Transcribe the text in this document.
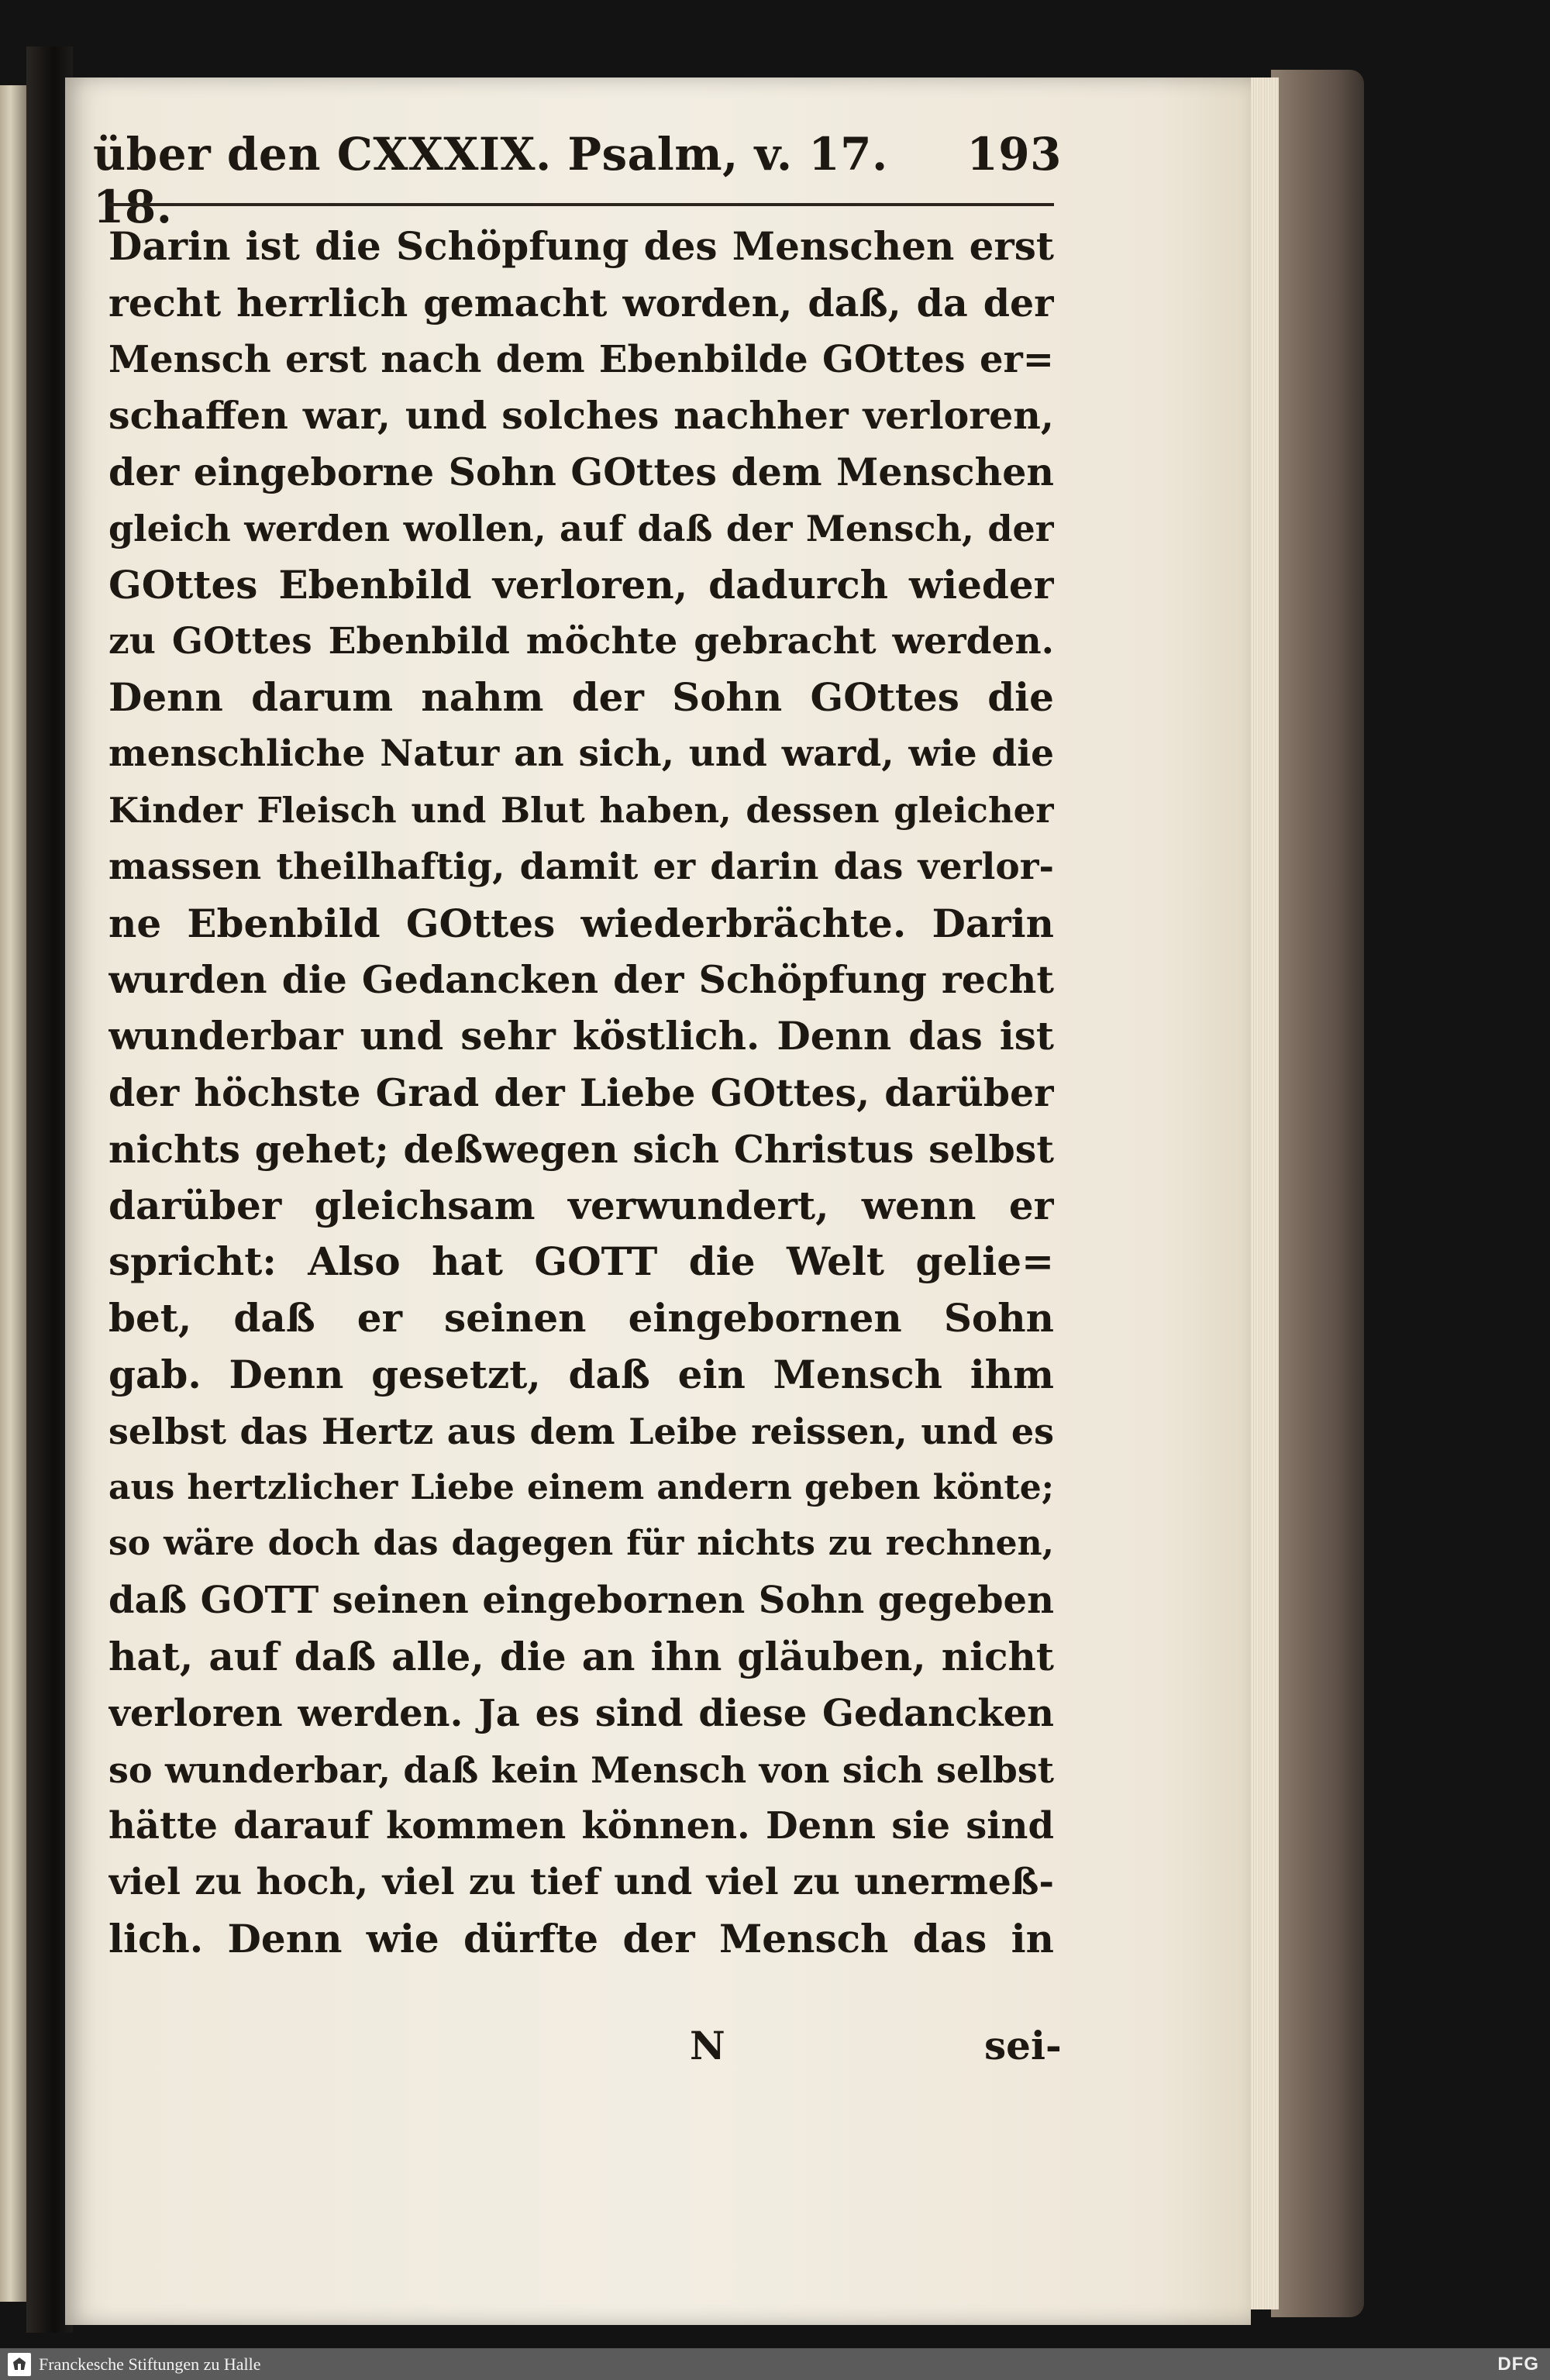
über den CXXXIX. Psalm, v. 17. 18.
193
Darin ist die Schöpfung des Menschen erst
recht herrlich gemacht worden, daß, da der
Mensch erst nach dem Ebenbilde GOttes er=
schaffen war, und solches nachher verloren,
der eingeborne Sohn GOttes dem Menschen
gleich werden wollen, auf daß der Mensch, der
GOttes Ebenbild verloren, dadurch wieder
zu GOttes Ebenbild möchte gebracht werden.
Denn darum nahm der Sohn GOttes die
menschliche Natur an sich, und ward, wie die
Kinder Fleisch und Blut haben, dessen gleicher
massen theilhaftig, damit er darin das verlor-
ne Ebenbild GOttes wiederbrächte. Darin
wurden die Gedancken der Schöpfung recht
wunderbar und sehr köstlich. Denn das ist
der höchste Grad der Liebe GOttes, darüber
nichts gehet; deßwegen sich Christus selbst
darüber gleichsam verwundert, wenn er
spricht: Also hat GOTT die Welt gelie=
bet, daß er seinen eingebornen Sohn
gab. Denn gesetzt, daß ein Mensch ihm
selbst das Hertz aus dem Leibe reissen, und es
aus hertzlicher Liebe einem andern geben könte;
so wäre doch das dagegen für nichts zu rechnen,
daß GOTT seinen eingebornen Sohn gegeben
hat, auf daß alle, die an ihn gläuben, nicht
verloren werden. Ja es sind diese Gedancken
so wunderbar, daß kein Mensch von sich selbst
hätte darauf kommen können. Denn sie sind
viel zu hoch, viel zu tief und viel zu unermeß-
lich. Denn wie dürfte der Mensch das in
N	sei-
Franckesche Stiftungen zu Halle	DFG
